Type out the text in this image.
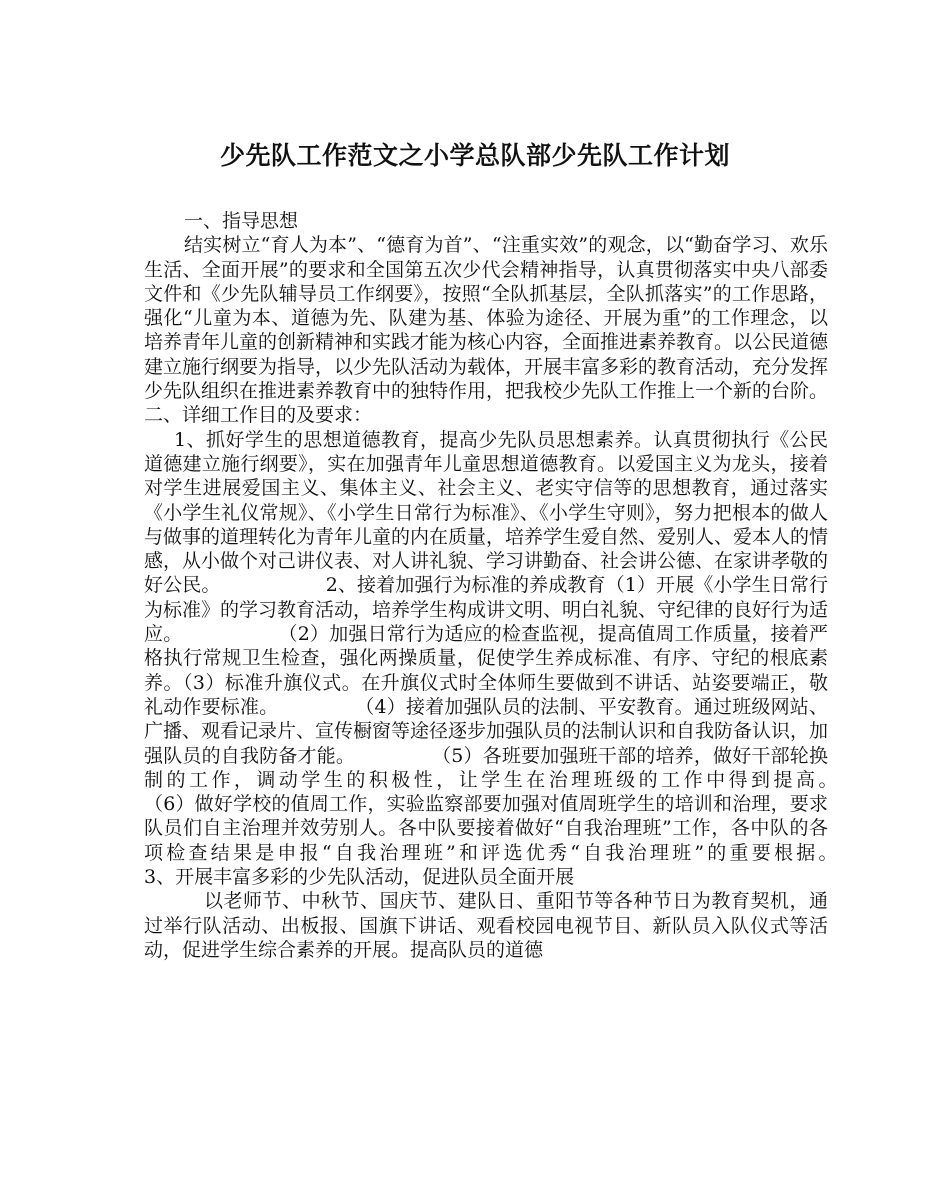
少先队工作范文之小学总队部少先队工作计划

一、指导思想

结实树立“育人为本”、“德育为首”、“注重实效”的观念，以“勤奋学习、欢乐生活、全面开展”的要求和全国第五次少代会精神指导，认真贯彻落实中央八部委文件和《少先队辅导员工作纲要》，按照“全队抓基层，全队抓落实”的工作思路，强化“儿童为本、道德为先、队建为基、体验为途径、开展为重”的工作理念，以培养青年儿童的创新精神和实践才能为核心内容，全面推进素养教育。以公民道德建立施行纲要为指导，以少先队活动为载体，开展丰富多彩的教育活动，充分发挥少先队组织在推进素养教育中的独特作用，把我校少先队工作推上一个新的台阶。二、详细工作目的及要求：

1、抓好学生的思想道德教育，提高少先队员思想素养。认真贯彻执行《公民道德建立施行纲要》，实在加强青年儿童思想道德教育。以爱国主义为龙头，接着对学生进展爱国主义、集体主义、社会主义、老实守信等的思想教育，通过落实《小学生礼仪常规》、《小学生日常行为标准》、《小学生守则》，努力把根本的做人与做事的道理转化为青年儿童的内在质量，培养学生爱自然、爱别人、爱本人的情感，从小做个对己讲仪表、对人讲礼貌、学习讲勤奋、社会讲公德、在家讲孝敬的好公民。　　　　　　2、接着加强行为标准的养成教育（1）开展《小学生日常行为标准》的学习教育活动，培养学生构成讲文明、明白礼貌、守纪律的良好行为适应。　　　　　　（2）加强日常行为适应的检查监视，提高值周工作质量，接着严格执行常规卫生检查，强化两操质量，促使学生养成标准、有序、守纪的根底素养。（3）标准升旗仪式。在升旗仪式时全体师生要做到不讲话、站姿要端正，敬礼动作要标准。　　　　　（4）接着加强队员的法制、平安教育。通过班级网站、广播、观看记录片、宣传橱窗等途径逐步加强队员的法制认识和自我防备认识，加强队员的自我防备才能。　　　　　（5）各班要加强班干部的培养，做好干部轮换制的工作，调动学生的积极性，让学生在治理班级的工作中得到提高。　　　　　（6）做好学校的值周工作，实验监察部要加强对值周班学生的培训和治理，要求队员们自主治理并效劳别人。各中队要接着做好“自我治理班”工作，各中队的各项检查结果是申报“自我治理班”和评选优秀“自我治理班”的重要根据。　　　　　3、开展丰富多彩的少先队活动，促进队员全面开展

以老师节、中秋节、国庆节、建队日、重阳节等各种节日为教育契机，通过举行队活动、出板报、国旗下讲话、观看校园电视节目、新队员入队仪式等活动，促进学生综合素养的开展。提高队员的道德
